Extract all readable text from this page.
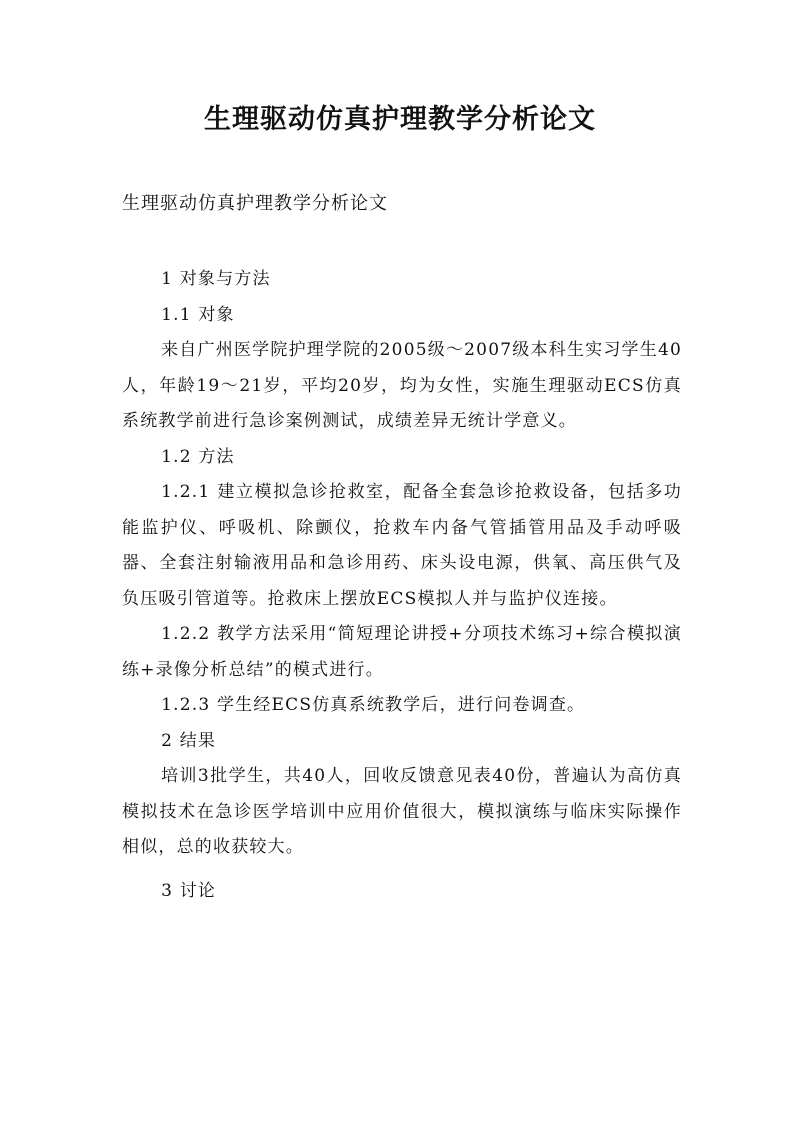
生理驱动仿真护理教学分析论文
生理驱动仿真护理教学分析论文

1 对象与方法

1.1 对象

来自广州医学院护理学院的2005级～2007级本科生实习学生40人，年龄19～21岁，平均20岁，均为女性，实施生理驱动ECS仿真系统教学前进行急诊案例测试，成绩差异无统计学意义。

1.2 方法

1.2.1 建立模拟急诊抢救室，配备全套急诊抢救设备，包括多功能监护仪、呼吸机、除颤仪，抢救车内备气管插管用品及手动呼吸器、全套注射输液用品和急诊用药、床头设电源，供氧、高压供气及负压吸引管道等。抢救床上摆放ECS模拟人并与监护仪连接。

1.2.2 教学方法采用“简短理论讲授+分项技术练习+综合模拟演练+录像分析总结”的模式进行。

1.2.3 学生经ECS仿真系统教学后，进行问卷调查。

2 结果

培训3批学生，共40人，回收反馈意见表40份，普遍认为高仿真模拟技术在急诊医学培训中应用价值很大，模拟演练与临床实际操作相似，总的收获较大。

3 讨论
